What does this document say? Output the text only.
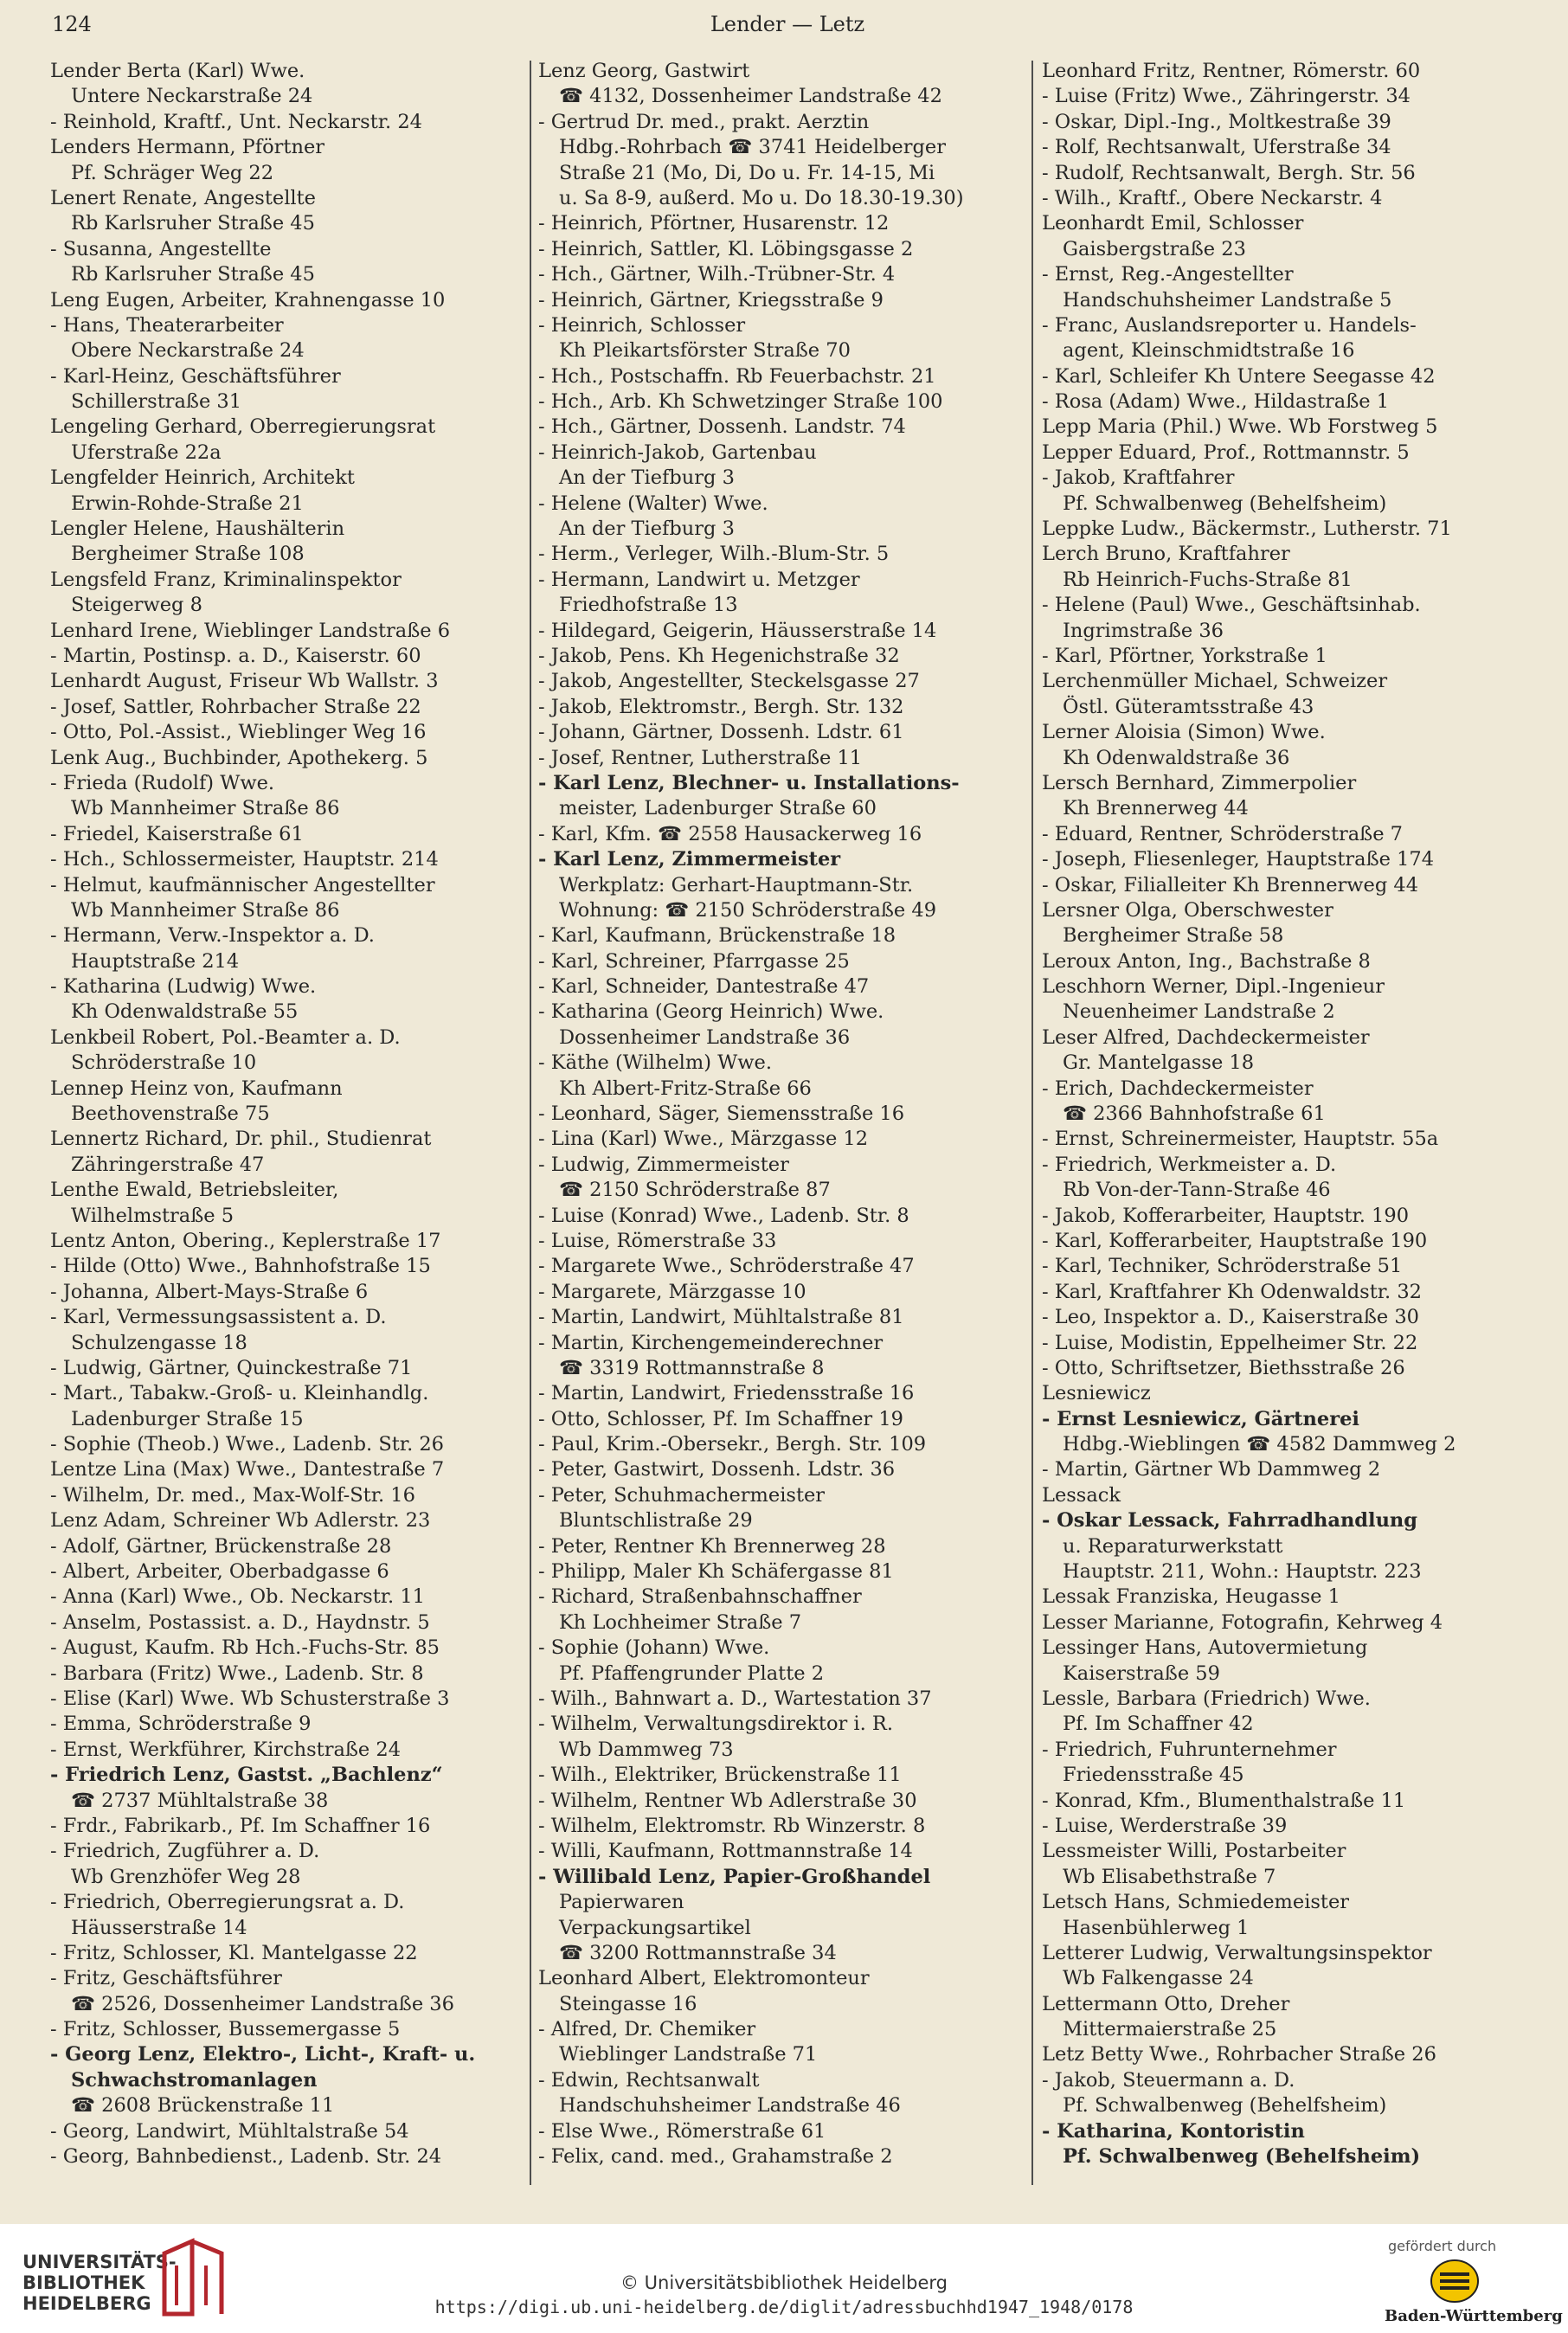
124	Lender — Letz
Lender Berta (Karl) Wwe.
Untere Neckarstraße 24
- Reinhold, Kraftf., Unt. Neckarstr. 24
Lenders Hermann, Pförtner
Pf. Schräger Weg 22
Lenert Renate, Angestellte
Rb Karlsruher Straße 45
- Susanna, Angestellte
Rb Karlsruher Straße 45
Leng Eugen, Arbeiter, Krahnengasse 10
- Hans, Theaterarbeiter
Obere Neckarstraße 24
- Karl-Heinz, Geschäftsführer
Schillerstraße 31
Lengeling Gerhard, Oberregierungsrat
Uferstraße 22a
Lengfelder Heinrich, Architekt
Erwin-Rohde-Straße 21
Lengler Helene, Haushälterin
Bergheimer Straße 108
Lengsfeld Franz, Kriminalinspektor
Steigerweg 8
Lenhard Irene, Wieblinger Landstraße 6
- Martin, Postinsp. a. D., Kaiserstr. 60
Lenhardt August, Friseur Wb Wallstr. 3
- Josef, Sattler, Rohrbacher Straße 22
- Otto, Pol.-Assist., Wieblinger Weg 16
Lenk Aug., Buchbinder, Apothekerg. 5
- Frieda (Rudolf) Wwe.
Wb Mannheimer Straße 86
- Friedel, Kaiserstraße 61
- Hch., Schlossermeister, Hauptstr. 214
- Helmut, kaufmännischer Angestellter
Wb Mannheimer Straße 86
- Hermann, Verw.-Inspektor a. D.
Hauptstraße 214
- Katharina (Ludwig) Wwe.
Kh Odenwaldstraße 55
Lenkbeil Robert, Pol.-Beamter a. D.
Schröderstraße 10
Lennep Heinz von, Kaufmann
Beethovenstraße 75
Lennertz Richard, Dr. phil., Studienrat
Zähringerstraße 47
Lenthe Ewald, Betriebsleiter,
Wilhelmstraße 5
Lentz Anton, Obering., Keplerstraße 17
- Hilde (Otto) Wwe., Bahnhofstraße 15
- Johanna, Albert-Mays-Straße 6
- Karl, Vermessungsassistent a. D.
Schulzengasse 18
- Ludwig, Gärtner, Quinckestraße 71
- Mart., Tabakw.-Groß- u. Kleinhandlg.
Ladenburger Straße 15
- Sophie (Theob.) Wwe., Ladenb. Str. 26
Lentze Lina (Max) Wwe., Dantestraße 7
- Wilhelm, Dr. med., Max-Wolf-Str. 16
Lenz Adam, Schreiner Wb Adlerstr. 23
- Adolf, Gärtner, Brückenstraße 28
- Albert, Arbeiter, Oberbadgasse 6
- Anna (Karl) Wwe., Ob. Neckarstr. 11
- Anselm, Postassist. a. D., Haydnstr. 5
- August, Kaufm. Rb Hch.-Fuchs-Str. 85
- Barbara (Fritz) Wwe., Ladenb. Str. 8
- Elise (Karl) Wwe. Wb Schusterstraße 3
- Emma, Schröderstraße 9
- Ernst, Werkführer, Kirchstraße 24
- Friedrich Lenz, Gastst. „Bachlenz“
☎ 2737 Mühltalstraße 38
- Frdr., Fabrikarb., Pf. Im Schaffner 16
- Friedrich, Zugführer a. D.
Wb Grenzhöfer Weg 28
- Friedrich, Oberregierungsrat a. D.
Häusserstraße 14
- Fritz, Schlosser, Kl. Mantelgasse 22
- Fritz, Geschäftsführer
☎ 2526, Dossenheimer Landstraße 36
- Fritz, Schlosser, Bussemergasse 5
- Georg Lenz, Elektro-, Licht-, Kraft- u.
Schwachstromanlagen
☎ 2608 Brückenstraße 11
- Georg, Landwirt, Mühltalstraße 54
- Georg, Bahnbedienst., Ladenb. Str. 24
Lenz Georg, Gastwirt
☎ 4132, Dossenheimer Landstraße 42
- Gertrud Dr. med., prakt. Aerztin
Hdbg.-Rohrbach ☎ 3741 Heidelberger
Straße 21 (Mo, Di, Do u. Fr. 14-15, Mi
u. Sa 8-9, außerd. Mo u. Do 18.30-19.30)
- Heinrich, Pförtner, Husarenstr. 12
- Heinrich, Sattler, Kl. Löbingsgasse 2
- Hch., Gärtner, Wilh.-Trübner-Str. 4
- Heinrich, Gärtner, Kriegsstraße 9
- Heinrich, Schlosser
Kh Pleikartsförster Straße 70
- Hch., Postschaffn. Rb Feuerbachstr. 21
- Hch., Arb. Kh Schwetzinger Straße 100
- Hch., Gärtner, Dossenh. Landstr. 74
- Heinrich-Jakob, Gartenbau
An der Tiefburg 3
- Helene (Walter) Wwe.
An der Tiefburg 3
- Herm., Verleger, Wilh.-Blum-Str. 5
- Hermann, Landwirt u. Metzger
Friedhofstraße 13
- Hildegard, Geigerin, Häusserstraße 14
- Jakob, Pens. Kh Hegenichstraße 32
- Jakob, Angestellter, Steckelsgasse 27
- Jakob, Elektromstr., Bergh. Str. 132
- Johann, Gärtner, Dossenh. Ldstr. 61
- Josef, Rentner, Lutherstraße 11
- Karl Lenz, Blechner- u. Installations-
meister, Ladenburger Straße 60
- Karl, Kfm. ☎ 2558 Hausackerweg 16
- Karl Lenz, Zimmermeister
Werkplatz: Gerhart-Hauptmann-Str.
Wohnung: ☎ 2150 Schröderstraße 49
- Karl, Kaufmann, Brückenstraße 18
- Karl, Schreiner, Pfarrgasse 25
- Karl, Schneider, Dantestraße 47
- Katharina (Georg Heinrich) Wwe.
Dossenheimer Landstraße 36
- Käthe (Wilhelm) Wwe.
Kh Albert-Fritz-Straße 66
- Leonhard, Säger, Siemensstraße 16
- Lina (Karl) Wwe., Märzgasse 12
- Ludwig, Zimmermeister
☎ 2150 Schröderstraße 87
- Luise (Konrad) Wwe., Ladenb. Str. 8
- Luise, Römerstraße 33
- Margarete Wwe., Schröderstraße 47
- Margarete, Märzgasse 10
- Martin, Landwirt, Mühltalstraße 81
- Martin, Kirchengemeinderechner
☎ 3319 Rottmannstraße 8
- Martin, Landwirt, Friedensstraße 16
- Otto, Schlosser, Pf. Im Schaffner 19
- Paul, Krim.-Obersekr., Bergh. Str. 109
- Peter, Gastwirt, Dossenh. Ldstr. 36
- Peter, Schuhmachermeister
Bluntschlistraße 29
- Peter, Rentner Kh Brennerweg 28
- Philipp, Maler Kh Schäfergasse 81
- Richard, Straßenbahnschaffner
Kh Lochheimer Straße 7
- Sophie (Johann) Wwe.
Pf. Pfaffengrunder Platte 2
- Wilh., Bahnwart a. D., Wartestation 37
- Wilhelm, Verwaltungsdirektor i. R.
Wb Dammweg 73
- Wilh., Elektriker, Brückenstraße 11
- Wilhelm, Rentner Wb Adlerstraße 30
- Wilhelm, Elektromstr. Rb Winzerstr. 8
- Willi, Kaufmann, Rottmannstraße 14
- Willibald Lenz, Papier-Großhandel
Papierwaren
Verpackungsartikel
☎ 3200 Rottmannstraße 34
Leonhard Albert, Elektromonteur
Steingasse 16
- Alfred, Dr. Chemiker
Wieblinger Landstraße 71
- Edwin, Rechtsanwalt
Handschuhsheimer Landstraße 46
- Else Wwe., Römerstraße 61
- Felix, cand. med., Grahamstraße 2
Leonhard Fritz, Rentner, Römerstr. 60
- Luise (Fritz) Wwe., Zähringerstr. 34
- Oskar, Dipl.-Ing., Moltkestraße 39
- Rolf, Rechtsanwalt, Uferstraße 34
- Rudolf, Rechtsanwalt, Bergh. Str. 56
- Wilh., Kraftf., Obere Neckarstr. 4
Leonhardt Emil, Schlosser
Gaisbergstraße 23
- Ernst, Reg.-Angestellter
Handschuhsheimer Landstraße 5
- Franc, Auslandsreporter u. Handels-
agent, Kleinschmidtstraße 16
- Karl, Schleifer Kh Untere Seegasse 42
- Rosa (Adam) Wwe., Hildastraße 1
Lepp Maria (Phil.) Wwe. Wb Forstweg 5
Lepper Eduard, Prof., Rottmannstr. 5
- Jakob, Kraftfahrer
Pf. Schwalbenweg (Behelfsheim)
Leppke Ludw., Bäckermstr., Lutherstr. 71
Lerch Bruno, Kraftfahrer
Rb Heinrich-Fuchs-Straße 81
- Helene (Paul) Wwe., Geschäftsinhab.
Ingrimstraße 36
- Karl, Pförtner, Yorkstraße 1
Lerchenmüller Michael, Schweizer
Östl. Güteramtsstraße 43
Lerner Aloisia (Simon) Wwe.
Kh Odenwaldstraße 36
Lersch Bernhard, Zimmerpolier
Kh Brennerweg 44
- Eduard, Rentner, Schröderstraße 7
- Joseph, Fliesenleger, Hauptstraße 174
- Oskar, Filialleiter Kh Brennerweg 44
Lersner Olga, Oberschwester
Bergheimer Straße 58
Leroux Anton, Ing., Bachstraße 8
Leschhorn Werner, Dipl.-Ingenieur
Neuenheimer Landstraße 2
Leser Alfred, Dachdeckermeister
Gr. Mantelgasse 18
- Erich, Dachdeckermeister
☎ 2366 Bahnhofstraße 61
- Ernst, Schreinermeister, Hauptstr. 55a
- Friedrich, Werkmeister a. D.
Rb Von-der-Tann-Straße 46
- Jakob, Kofferarbeiter, Hauptstr. 190
- Karl, Kofferarbeiter, Hauptstraße 190
- Karl, Techniker, Schröderstraße 51
- Karl, Kraftfahrer Kh Odenwaldstr. 32
- Leo, Inspektor a. D., Kaiserstraße 30
- Luise, Modistin, Eppelheimer Str. 22
- Otto, Schriftsetzer, Biethsstraße 26
Lesniewicz
- Ernst Lesniewicz, Gärtnerei
Hdbg.-Wieblingen ☎ 4582 Dammweg 2
- Martin, Gärtner Wb Dammweg 2
Lessack
- Oskar Lessack, Fahrradhandlung
u. Reparaturwerkstatt
Hauptstr. 211, Wohn.: Hauptstr. 223
Lessak Franziska, Heugasse 1
Lesser Marianne, Fotografin, Kehrweg 4
Lessinger Hans, Autovermietung
Kaiserstraße 59
Lessle, Barbara (Friedrich) Wwe.
Pf. Im Schaffner 42
- Friedrich, Fuhrunternehmer
Friedensstraße 45
- Konrad, Kfm., Blumenthalstraße 11
- Luise, Werderstraße 39
Lessmeister Willi, Postarbeiter
Wb Elisabethstraße 7
Letsch Hans, Schmiedemeister
Hasenbühlerweg 1
Letterer Ludwig, Verwaltungsinspektor
Wb Falkengasse 24
Lettermann Otto, Dreher
Mittermaierstraße 25
Letz Betty Wwe., Rohrbacher Straße 26
- Jakob, Steuermann a. D.
Pf. Schwalbenweg (Behelfsheim)
- Katharina, Kontoristin
Pf. Schwalbenweg (Behelfsheim)
UNIVERSITÄTS-
BIBLIOTHEK
HEIDELBERG
© Universitätsbibliothek Heidelberg
https://digi.ub.uni-heidelberg.de/diglit/adressbuchhd1947_1948/0178
gefördert durch
Baden-Württemberg
